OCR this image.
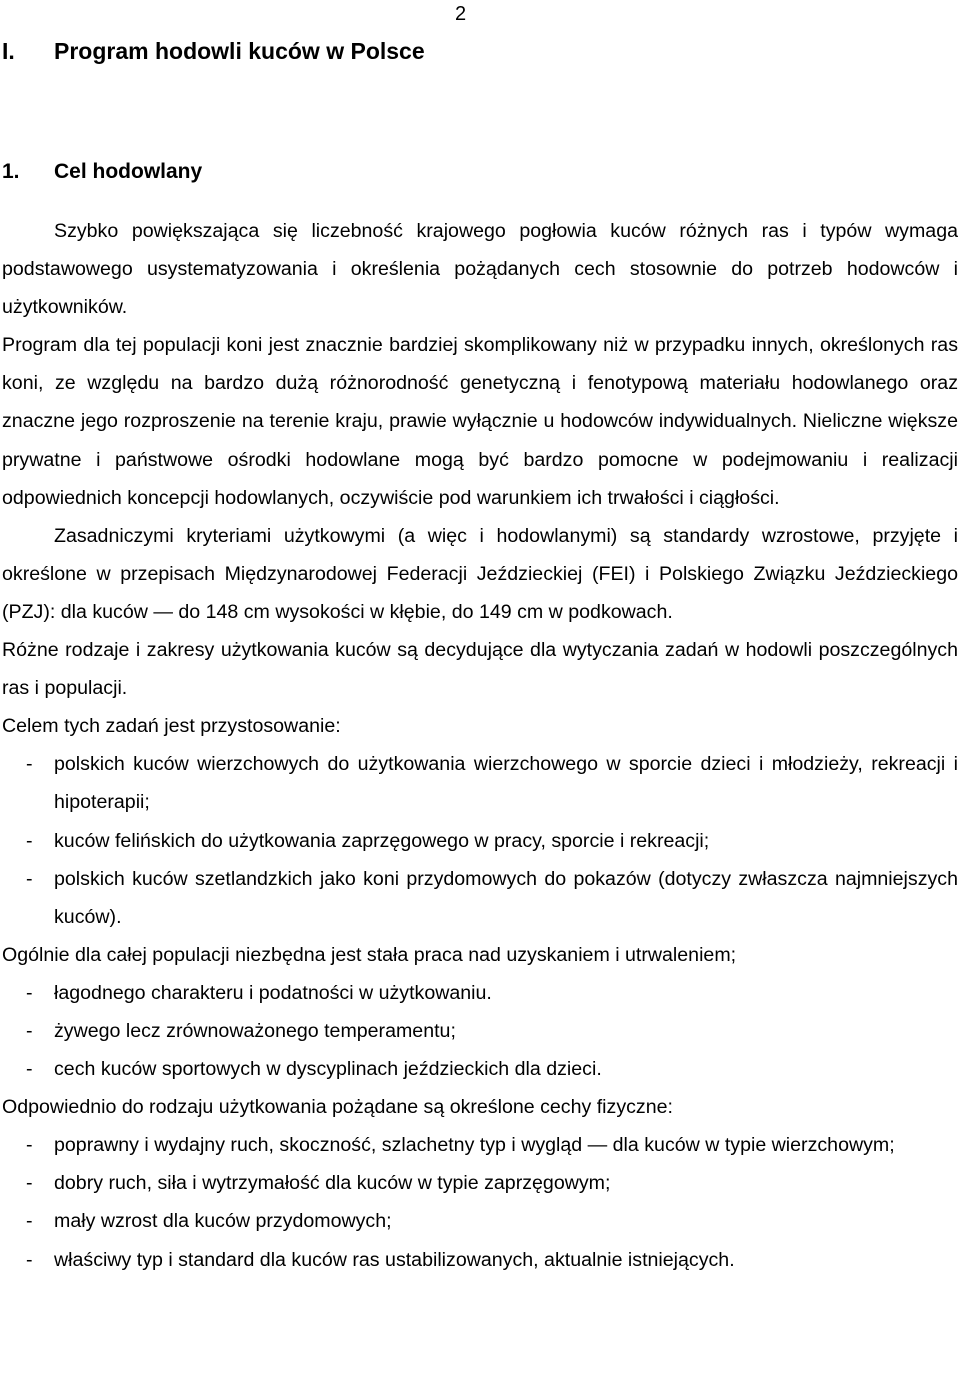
2
I. Program hodowli kuców w Polsce
1. Cel hodowlany

Szybko powiększająca się liczebność krajowego pogłowia kuców różnych ras i typów wymaga podstawowego usystematyzowania i określenia pożądanych cech stosownie do potrzeb hodowców i użytkowników.

Program dla tej populacji koni jest znacznie bardziej skomplikowany niż w przypadku innych, określonych ras koni, ze względu na bardzo dużą różnorodność genetyczną i fenotypową materiału hodowlanego oraz znaczne jego rozproszenie na terenie kraju, prawie wyłącznie u hodowców indywidualnych. Nieliczne większe prywatne i państwowe ośrodki hodowlane mogą być bardzo pomocne w podejmowaniu i realizacji odpowiednich koncepcji hodowlanych, oczywiście pod warunkiem ich trwałości i ciągłości.

Zasadniczymi kryteriami użytkowymi (a więc i hodowlanymi) są standardy wzrostowe, przyjęte i określone w przepisach Międzynarodowej Federacji Jeździeckiej (FEI) i Polskiego Związku Jeździeckiego (PZJ): dla kuców — do 148 cm wysokości w kłębie, do 149 cm w podkowach.

Różne rodzaje i zakresy użytkowania kuców są decydujące dla wytyczania zadań w hodowli poszczególnych ras i populacji.

Celem tych zadań jest przystosowanie:

- polskich kuców wierzchowych do użytkowania wierzchowego w sporcie dzieci i młodzieży, rekreacji i hipoterapii;
- kuców felińskich do użytkowania zaprzęgowego w pracy, sporcie i rekreacji;
- polskich kuców szetlandzkich jako koni przydomowych do pokazów (dotyczy zwłaszcza najmniejszych kuców).

Ogólnie dla całej populacji niezbędna jest stała praca nad uzyskaniem i utrwaleniem;

- łagodnego charakteru i podatności w użytkowaniu.
- żywego lecz zrównoważonego temperamentu;
- cech kuców sportowych w dyscyplinach jeździeckich dla dzieci.

Odpowiednio do rodzaju użytkowania pożądane są określone cechy fizyczne:

- poprawny i wydajny ruch, skoczność, szlachetny typ i wygląd — dla kuców w typie wierzchowym;
- dobry ruch, siła i wytrzymałość dla kuców w typie zaprzęgowym;
- mały wzrost dla kuców przydomowych;
- właściwy typ i standard dla kuców ras ustabilizowanych, aktualnie istniejących.
